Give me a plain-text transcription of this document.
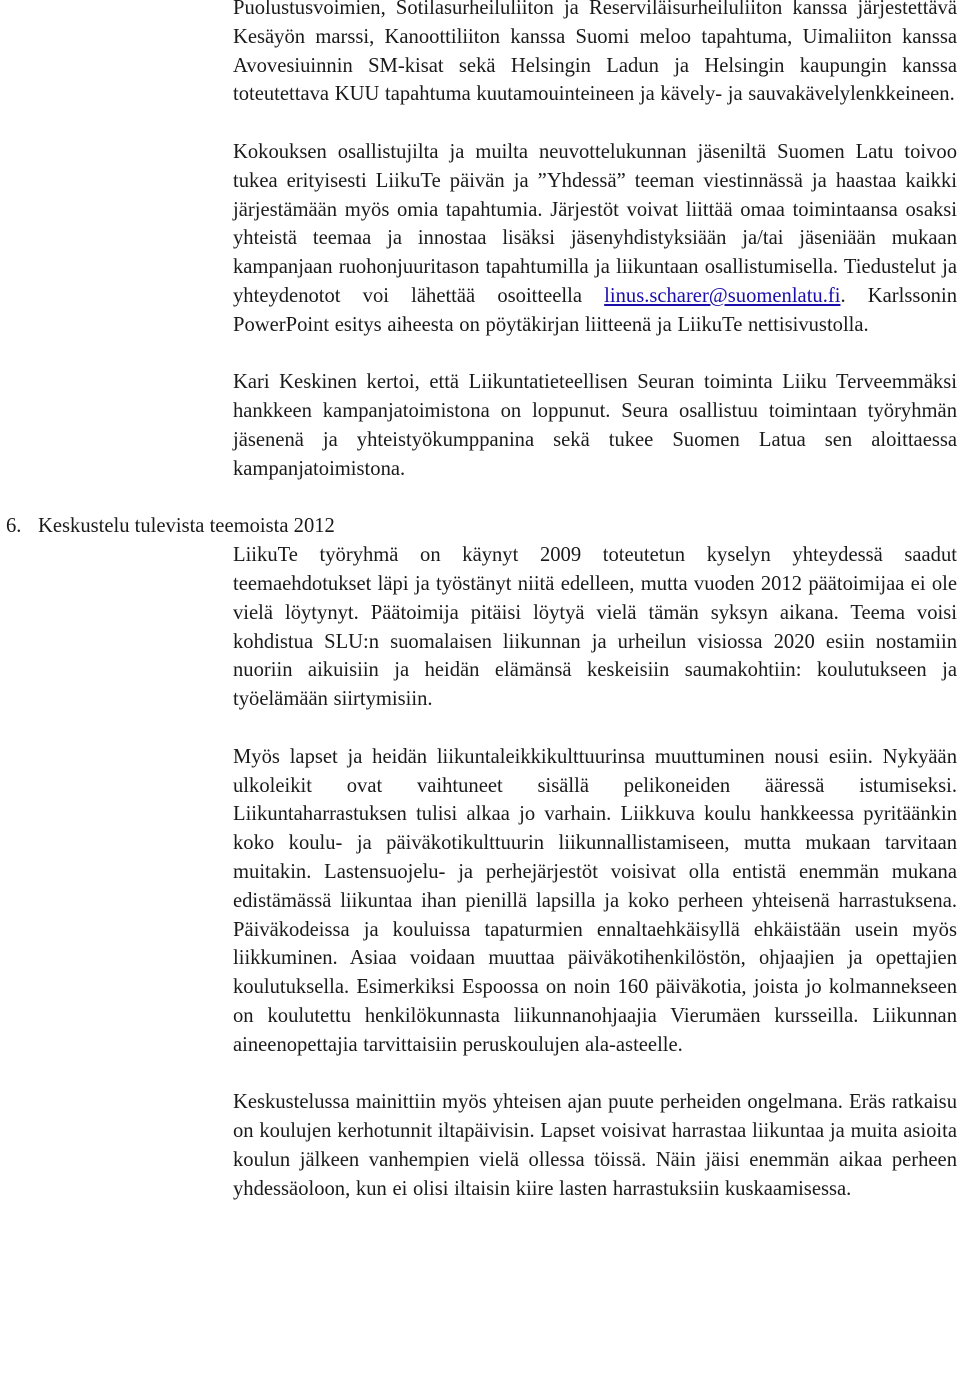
Puolustusvoimien, Sotilasurheiluliiton ja Reserviläisurheiluliiton kanssa järjestettävä Kesäyön marssi, Kanoottiliiton kanssa Suomi meloo tapahtuma, Uimaliiton kanssa Avovesiuinnin SM-kisat sekä Helsingin Ladun ja Helsingin kaupungin kanssa toteutettava KUU tapahtuma kuutamouinteineen ja kävely- ja sauvakävelylenkkeineen.

Kokouksen osallistujilta ja muilta neuvottelukunnan jäseniltä Suomen Latu toivoo tukea erityisesti LiikuTe päivän ja ”Yhdessä” teeman viestinnässä ja haastaa kaikki järjestämään myös omia tapahtumia. Järjestöt voivat liittää omaa toimintaansa osaksi yhteistä teemaa ja innostaa lisäksi jäsenyhdistyksiään ja/tai jäseniään mukaan kampanjaan ruohonjuuritason tapahtumilla ja liikuntaan osallistumisella. Tiedustelut ja yhteydenotot voi lähettää osoitteella linus.scharer@suomenlatu.fi. Karlssonin PowerPoint esitys aiheesta on pöytäkirjan liitteenä ja LiikuTe nettisivustolla.

Kari Keskinen kertoi, että Liikuntatieteellisen Seuran toiminta Liiku Terveemmäksi hankkeen kampanjatoimistona on loppunut. Seura osallistuu toimintaan työryhmän jäsenenä ja yhteistyökumppanina sekä tukee Suomen Latua sen aloittaessa kampanjatoimistona.

6. Keskustelu tulevista teemoista 2012

LiikuTe työryhmä on käynyt 2009 toteutetun kyselyn yhteydessä saadut teemaehdotukset läpi ja työstänyt niitä edelleen, mutta vuoden 2012 päätoimijaa ei ole vielä löytynyt. Päätoimija pitäisi löytyä vielä tämän syksyn aikana. Teema voisi kohdistua SLU:n suomalaisen liikunnan ja urheilun visiossa 2020 esiin nostamiin nuoriin aikuisiin ja heidän elämänsä keskeisiin saumakohtiin: koulutukseen ja työelämään siirtymisiin.

Myös lapset ja heidän liikuntaleikkikulttuurinsa muuttuminen nousi esiin. Nykyään ulkoleikit ovat vaihtuneet sisällä pelikoneiden ääressä istumiseksi. Liikuntaharrastuksen tulisi alkaa jo varhain. Liikkuva koulu hankkeessa pyritäänkin koko koulu- ja päiväkotikulttuurin liikunnallistamiseen, mutta mukaan tarvitaan muitakin. Lastensuojelu- ja perhejärjestöt voisivat olla entistä enemmän mukana edistämässä liikuntaa ihan pienillä lapsilla ja koko perheen yhteisenä harrastuksena. Päiväkodeissa ja kouluissa tapaturmien ennaltaehkäisyllä ehkäistään usein myös liikkuminen. Asiaa voidaan muuttaa päiväkotihenkilöstön, ohjaajien ja opettajien koulutuksella. Esimerkiksi Espoossa on noin 160 päiväkotia, joista jo kolmannekseen on koulutettu henkilökunnasta liikunnanohjaajia Vierumäen kursseilla. Liikunnan aineenopettajia tarvittaisiin peruskoulujen ala-asteelle.

Keskustelussa mainittiin myös yhteisen ajan puute perheiden ongelmana. Eräs ratkaisu on koulujen kerhotunnit iltapäivisin. Lapset voisivat harrastaa liikuntaa ja muita asioita koulun jälkeen vanhempien vielä ollessa töissä. Näin jäisi enemmän aikaa perheen yhdessäoloon, kun ei olisi iltaisin kiire lasten harrastuksiin kuskaamisessa.
